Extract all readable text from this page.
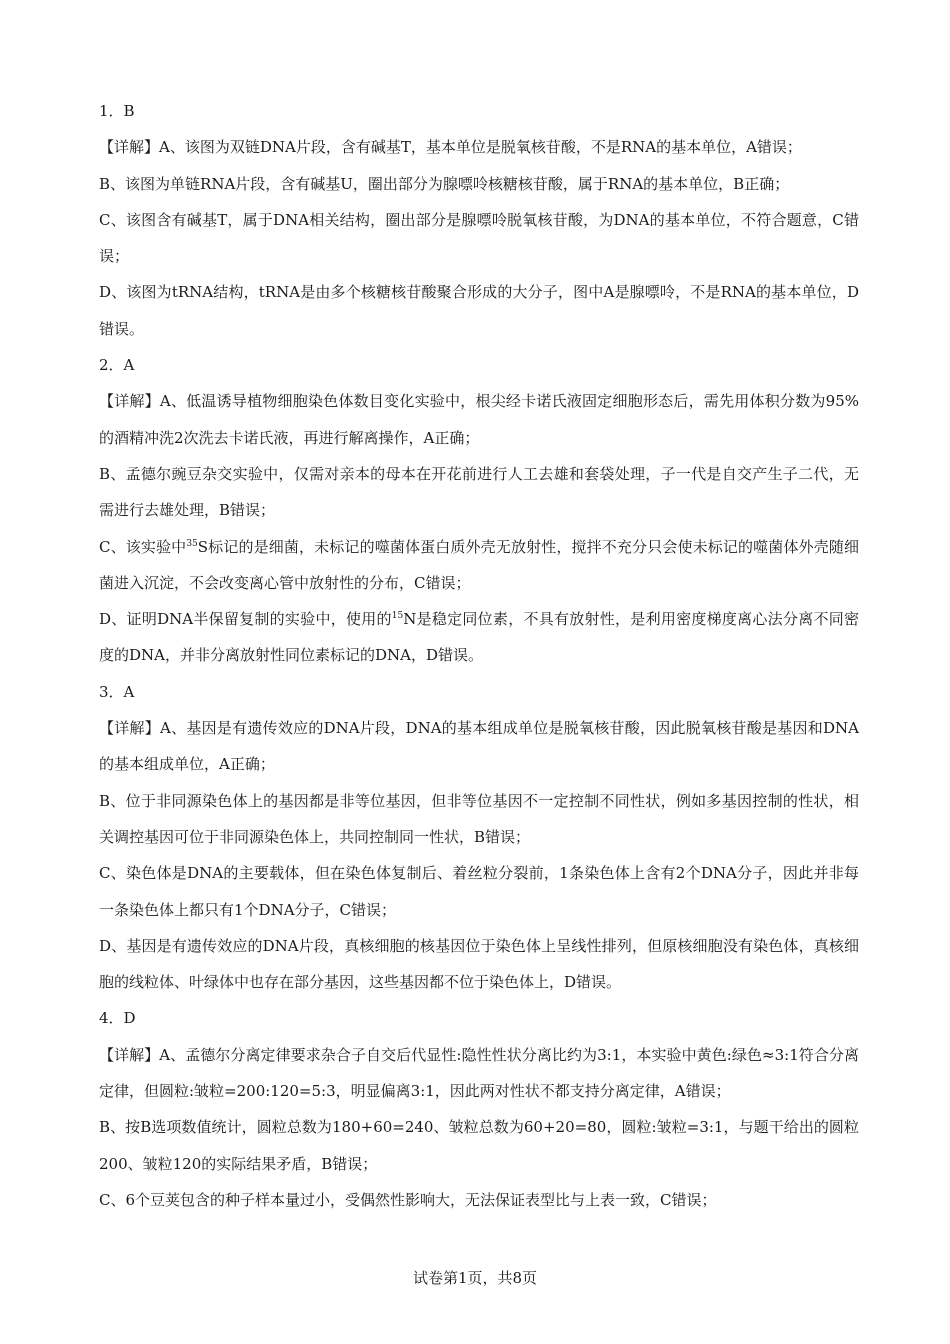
1．B

【详解】A、该图为双链DNA片段，含有碱基T，基本单位是脱氧核苷酸，不是RNA的基本单位，A错误；

B、该图为单链RNA片段，含有碱基U，圈出部分为腺嘌呤核糖核苷酸，属于RNA的基本单位，B正确；

C、该图含有碱基T，属于DNA相关结构，圈出部分是腺嘌呤脱氧核苷酸，为DNA的基本单位，不符合题意，C错误；

D、该图为tRNA结构，tRNA是由多个核糖核苷酸聚合形成的大分子，图中A是腺嘌呤，不是RNA的基本单位，D错误。

2．A

【详解】A、低温诱导植物细胞染色体数目变化实验中，根尖经卡诺氏液固定细胞形态后，需先用体积分数为95%的酒精冲洗2次洗去卡诺氏液，再进行解离操作，A正确；

B、孟德尔豌豆杂交实验中，仅需对亲本的母本在开花前进行人工去雄和套袋处理，子一代是自交产生子二代，无需进行去雄处理，B错误；

C、该实验中$^{35}$S标记的是细菌，未标记的噬菌体蛋白质外壳无放射性，搅拌不充分只会使未标记的噬菌体外壳随细菌进入沉淀，不会改变离心管中放射性的分布，C错误；

D、证明DNA半保留复制的实验中，使用的$^{15}$N是稳定同位素，不具有放射性，是利用密度梯度离心法分离不同密度的DNA，并非分离放射性同位素标记的DNA，D错误。

3．A

【详解】A、基因是有遗传效应的DNA片段，DNA的基本组成单位是脱氧核苷酸，因此脱氧核苷酸是基因和DNA的基本组成单位，A正确；

B、位于非同源染色体上的基因都是非等位基因，但非等位基因不一定控制不同性状，例如多基因控制的性状，相关调控基因可位于非同源染色体上，共同控制同一性状，B错误；

C、染色体是DNA的主要载体，但在染色体复制后、着丝粒分裂前，1条染色体上含有2个DNA分子，因此并非每一条染色体上都只有1个DNA分子，C错误；

D、基因是有遗传效应的DNA片段，真核细胞的核基因位于染色体上呈线性排列，但原核细胞没有染色体，真核细胞的线粒体、叶绿体中也存在部分基因，这些基因都不位于染色体上，D错误。

4．D

【详解】A、孟德尔分离定律要求杂合子自交后代显性:隐性性状分离比约为3:1，本实验中黄色:绿色≈3:1符合分离定律，但圆粒:皱粒=200:120=5:3，明显偏离3:1，因此两对性状不都支持分离定律，A错误；

B、按B选项数值统计，圆粒总数为180+60=240、皱粒总数为60+20=80，圆粒:皱粒=3:1，与题干给出的圆粒200、皱粒120的实际结果矛盾，B错误；

C、6个豆荚包含的种子样本量过小，受偶然性影响大，无法保证表型比与上表一致，C错误；

试卷第1页，共8页
